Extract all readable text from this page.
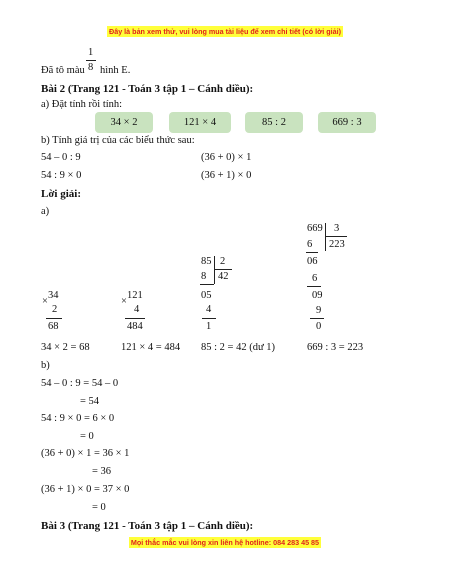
Đây là bản xem thử, vui lòng mua tài liệu để xem chi tiết (có lời giải)
Đã tô màu
1
8 hình E.
Bài 2 (Trang 121 - Toán 3 tập 1 – Cánh diều):
a) Đặt tính rồi tính:
34 × 2	121 × 4	85 : 2	669 : 3
b) Tính giá trị của các biểu thức sau:
54 – 0 : 9	(36 + 0) × 1
54 : 9 × 0	(36 + 1) × 0
Lời giải:
a)
×
34
2
68
×
121
4
484
85 2
8 42
05
4
1
669 3
6 223
06
6
09
9
0
34 × 2 = 68	121 × 4 = 484 85 : 2 = 42 (dư 1)	669 : 3 = 223
b)
54 – 0 : 9 = 54 – 0
= 54
54 : 9 × 0 = 6 × 0
= 0
(36 + 0) × 1 = 36 × 1
= 36
(36 + 1) × 0 = 37 × 0
= 0
Bài 3 (Trang 121 - Toán 3 tập 1 – Cánh diều):
Mọi thắc mắc vui lòng xin liên hệ hotline: 084 283 45 85
